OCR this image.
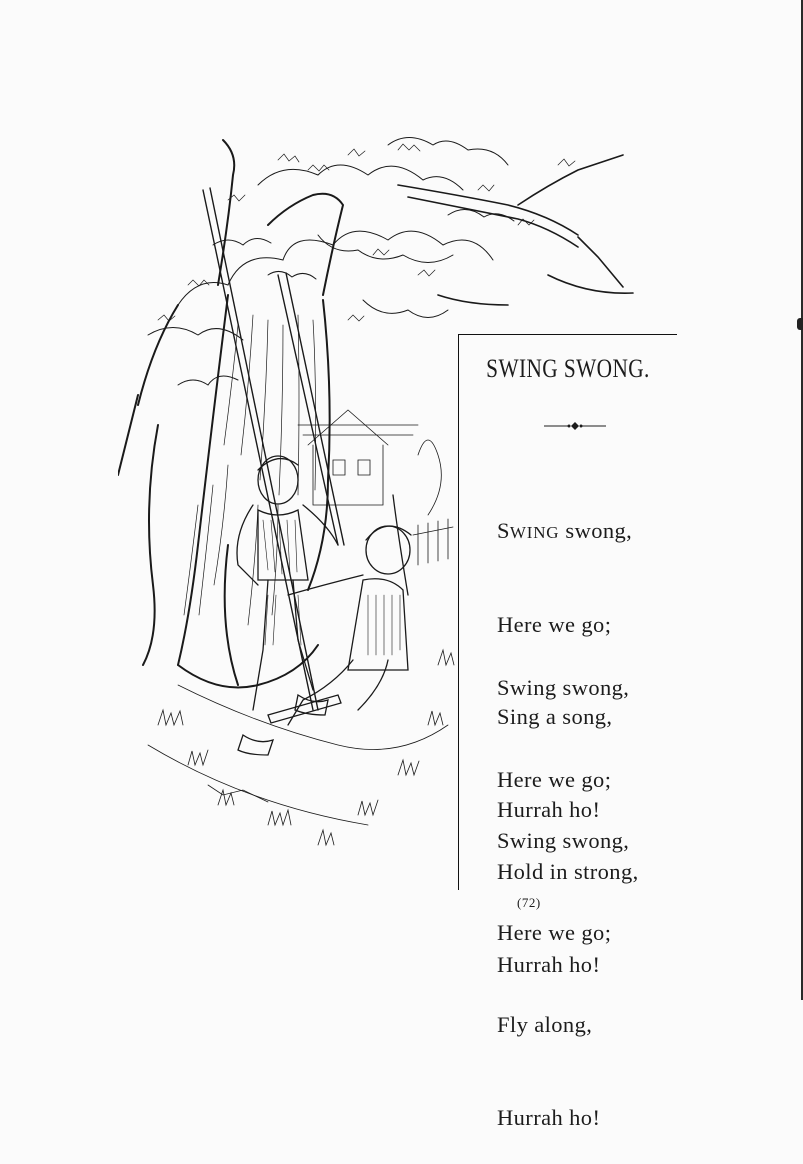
SWING SWONG.

SWING swong,

Here we go;

Sing a song,

Hurrah ho!

Swing swong,

Here we go;

Hold in strong,

Hurrah ho!

Swing swong,

Here we go;

Fly along,

Hurrah ho!

(72)
